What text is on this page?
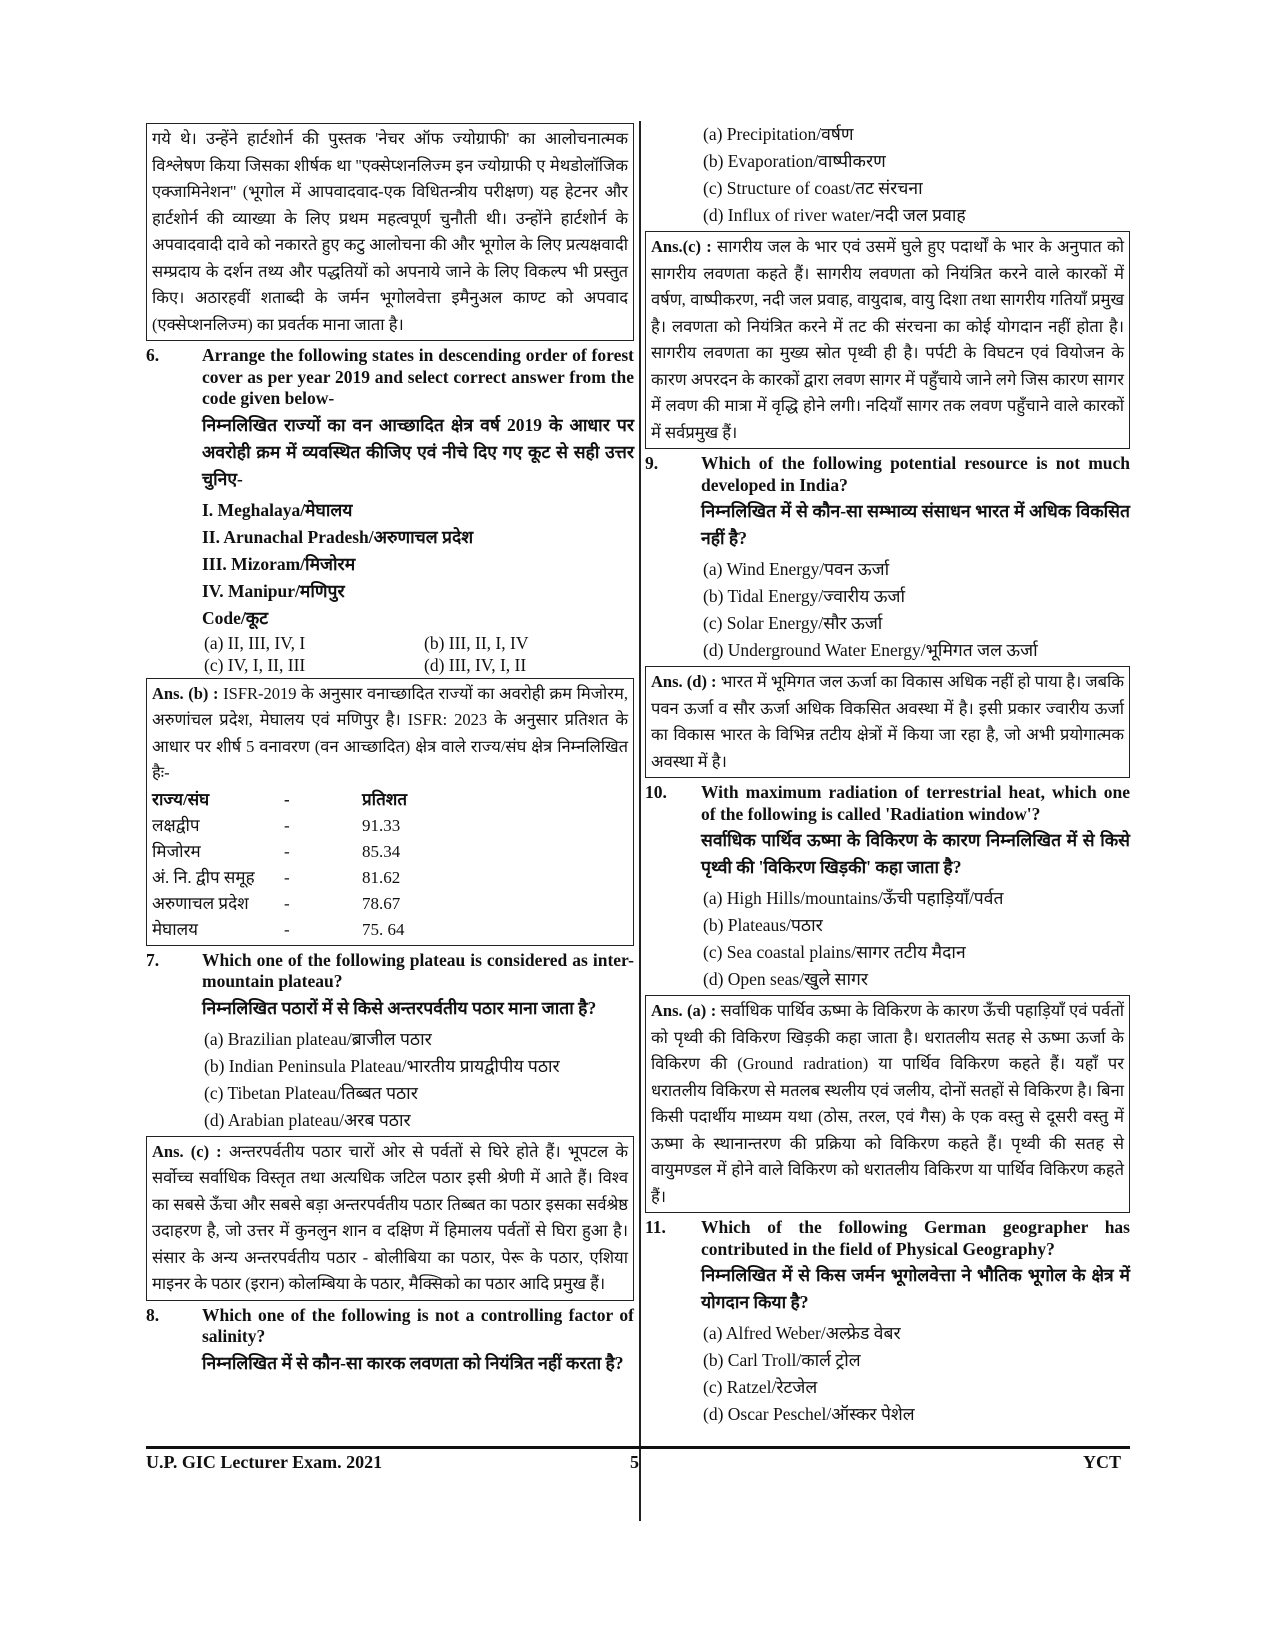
गये थे। उन्हेंने हार्टशोर्न की पुस्तक 'नेचर ऑफ ज्योग्राफी' का आलोचनात्मक विश्लेषण किया जिसका शीर्षक था ''एक्सेप्शनलिज्म इन ज्योग्राफी ए मेथडोलॉजिक एक्जामिनेशन'' (भूगोल में आपवादवाद-एक विधितन्त्रीय परीक्षण) यह हेटनर और हार्टशोर्न की व्याख्या के लिए प्रथम महत्वपूर्ण चुनौती थी। उन्होंने हार्टशोर्न के अपवादवादी दावे को नकारते हुए कटु आलोचना की और भूगोल के लिए प्रत्यक्षवादी सम्प्रदाय के दर्शन तथ्य और पद्धतियों को अपनाये जाने के लिए विकल्प भी प्रस्तुत किए। अठारहवीं शताब्दी के जर्मन भूगोलवेत्ता इमैनुअल काण्ट को अपवाद (एक्सेप्शनलिज्म) का प्रवर्तक माना जाता है।
6.	Arrange the following states in descending order of forest cover as per year 2019 and select correct answer from the code given below-
निम्नलिखित राज्यों का वन आच्छादित क्षेत्र वर्ष 2019 के आधार पर अवरोही क्रम में व्यवस्थित कीजिए एवं नीचे दिए गए कूट से सही उत्तर चुनिए-
I. Meghalaya/मेघालय
II. Arunachal Pradesh/अरुणाचल प्रदेश
III. Mizoram/मिजोरम
IV. Manipur/मणिपुर
Code/कूट
(a) II, III, IV, I	(b) III, II, I, IV
(c) IV, I, II, III	(d) III, IV, I, II
Ans. (b) : ISFR-2019 के अनुसार वनाच्छादित राज्यों का अवरोही क्रम मिजोरम, अरुणांचल प्रदेश, मेघालय एवं मणिपुर है। ISFR: 2023 के अनुसार प्रतिशत के आधार पर शीर्ष 5 वनावरण (वन आच्छादित) क्षेत्र वाले राज्य/संघ क्षेत्र निम्नलिखित हैः-
राज्य/संघ	-	प्रतिशत
लक्षद्वीप	-	91.33
मिजोरम	-	85.34
अं. नि. द्वीप समूह	-	81.62
अरुणाचल प्रदेश	-	78.67
मेघालय	-	75. 64
7.	Which one of the following plateau is considered as inter-mountain plateau?
निम्नलिखित पठारों में से किसे अन्तरपर्वतीय पठार माना जाता है?
(a) Brazilian plateau/ब्राजील पठार
(b) Indian Peninsula Plateau/भारतीय प्रायद्वीपीय पठार
(c) Tibetan Plateau/तिब्बत पठार
(d) Arabian plateau/अरब पठार
Ans. (c) : अन्तरपर्वतीय पठार चारों ओर से पर्वतों से घिरे होते हैं। भूपटल के सर्वोच्च सर्वाधिक विस्तृत तथा अत्यधिक जटिल पठार इसी श्रेणी में आते हैं। विश्व का सबसे ऊँचा और सबसे बड़ा अन्तरपर्वतीय पठार तिब्बत का पठार इसका सर्वश्रेष्ठ उदाहरण है, जो उत्तर में कुनलुन शान व दक्षिण में हिमालय पर्वतों से घिरा हुआ है। संसार के अन्य अन्तरपर्वतीय पठार - बोलीबिया का पठार, पेरू के पठार, एशिया माइनर के पठार (इरान) कोलम्बिया के पठार, मैक्सिको का पठार आदि प्रमुख हैं।
8.	Which one of the following is not a controlling factor of salinity?
निम्नलिखित में से कौन-सा कारक लवणता को नियंत्रित नहीं करता है?
(a) Precipitation/वर्षण
(b) Evaporation/वाष्पीकरण
(c) Structure of coast/तट संरचना
(d) Influx of river water/नदी जल प्रवाह
Ans.(c) : सागरीय जल के भार एवं उसमें घुले हुए पदार्थों के भार के अनुपात को सागरीय लवणता कहते हैं। सागरीय लवणता को नियंत्रित करने वाले कारकों में वर्षण, वाष्पीकरण, नदी जल प्रवाह, वायुदाब, वायु दिशा तथा सागरीय गतियाँ प्रमुख है। लवणता को नियंत्रित करने में तट की संरचना का कोई योगदान नहीं होता है। सागरीय लवणता का मुख्य स्रोत पृथ्वी ही है। पर्पटी के विघटन एवं वियोजन के कारण अपरदन के कारकों द्वारा लवण सागर में पहुँचाये जाने लगे जिस कारण सागर में लवण की मात्रा में वृद्धि होने लगी। नदियाँ सागर तक लवण पहुँचाने वाले कारकों में सर्वप्रमुख हैं।
9.	Which of the following potential resource is not much developed in India?
निम्नलिखित में से कौन-सा सम्भाव्य संसाधन भारत में अधिक विकसित नहीं है?
(a) Wind Energy/पवन ऊर्जा
(b) Tidal Energy/ज्वारीय ऊर्जा
(c) Solar Energy/सौर ऊर्जा
(d) Underground Water Energy/भूमिगत जल ऊर्जा
Ans. (d) : भारत में भूमिगत जल ऊर्जा का विकास अधिक नहीं हो पाया है। जबकि पवन ऊर्जा व सौर ऊर्जा अधिक विकसित अवस्था में है। इसी प्रकार ज्वारीय ऊर्जा का विकास भारत के विभिन्न तटीय क्षेत्रों में किया जा रहा है, जो अभी प्रयोगात्मक अवस्था में है।
10.	With maximum radiation of terrestrial heat, which one of the following is called 'Radiation window'?
सर्वाधिक पार्थिव ऊष्मा के विकिरण के कारण निम्नलिखित में से किसे पृथ्वी की 'विकिरण खिड़की' कहा जाता है?
(a) High Hills/mountains/ऊँची पहाड़ियाँ/पर्वत
(b) Plateaus/पठार
(c) Sea coastal plains/सागर तटीय मैदान
(d) Open seas/खुले सागर
Ans. (a) : सर्वाधिक पार्थिव ऊष्मा के विकिरण के कारण ऊँची पहाड़ियाँ एवं पर्वतों को पृथ्वी की विकिरण खिड़की कहा जाता है। धरातलीय सतह से ऊष्मा ऊर्जा के विकिरण की (Ground radration) या पार्थिव विकिरण कहते हैं। यहाँ पर धरातलीय विकिरण से मतलब स्थलीय एवं जलीय, दोनों सतहों से विकिरण है। बिना किसी पदार्थीय माध्यम यथा (ठोस, तरल, एवं गैस) के एक वस्तु से दूसरी वस्तु में ऊष्मा के स्थानान्तरण की प्रक्रिया को विकिरण कहते हैं। पृथ्वी की सतह से वायुमण्डल में होने वाले विकिरण को धरातलीय विकिरण या पार्थिव विकिरण कहते हैं।
11.	Which of the following German geographer has contributed in the field of Physical Geography?
निम्नलिखित में से किस जर्मन भूगोलवेत्ता ने भौतिक भूगोल के क्षेत्र में योगदान किया है?
(a) Alfred Weber/अल्फ्रेड वेबर
(b) Carl Troll/कार्ल ट्रोल
(c) Ratzel/रेटजेल
(d) Oscar Peschel/ऑस्कर पेशेल
U.P. GIC Lecturer Exam. 2021	5	YCT
